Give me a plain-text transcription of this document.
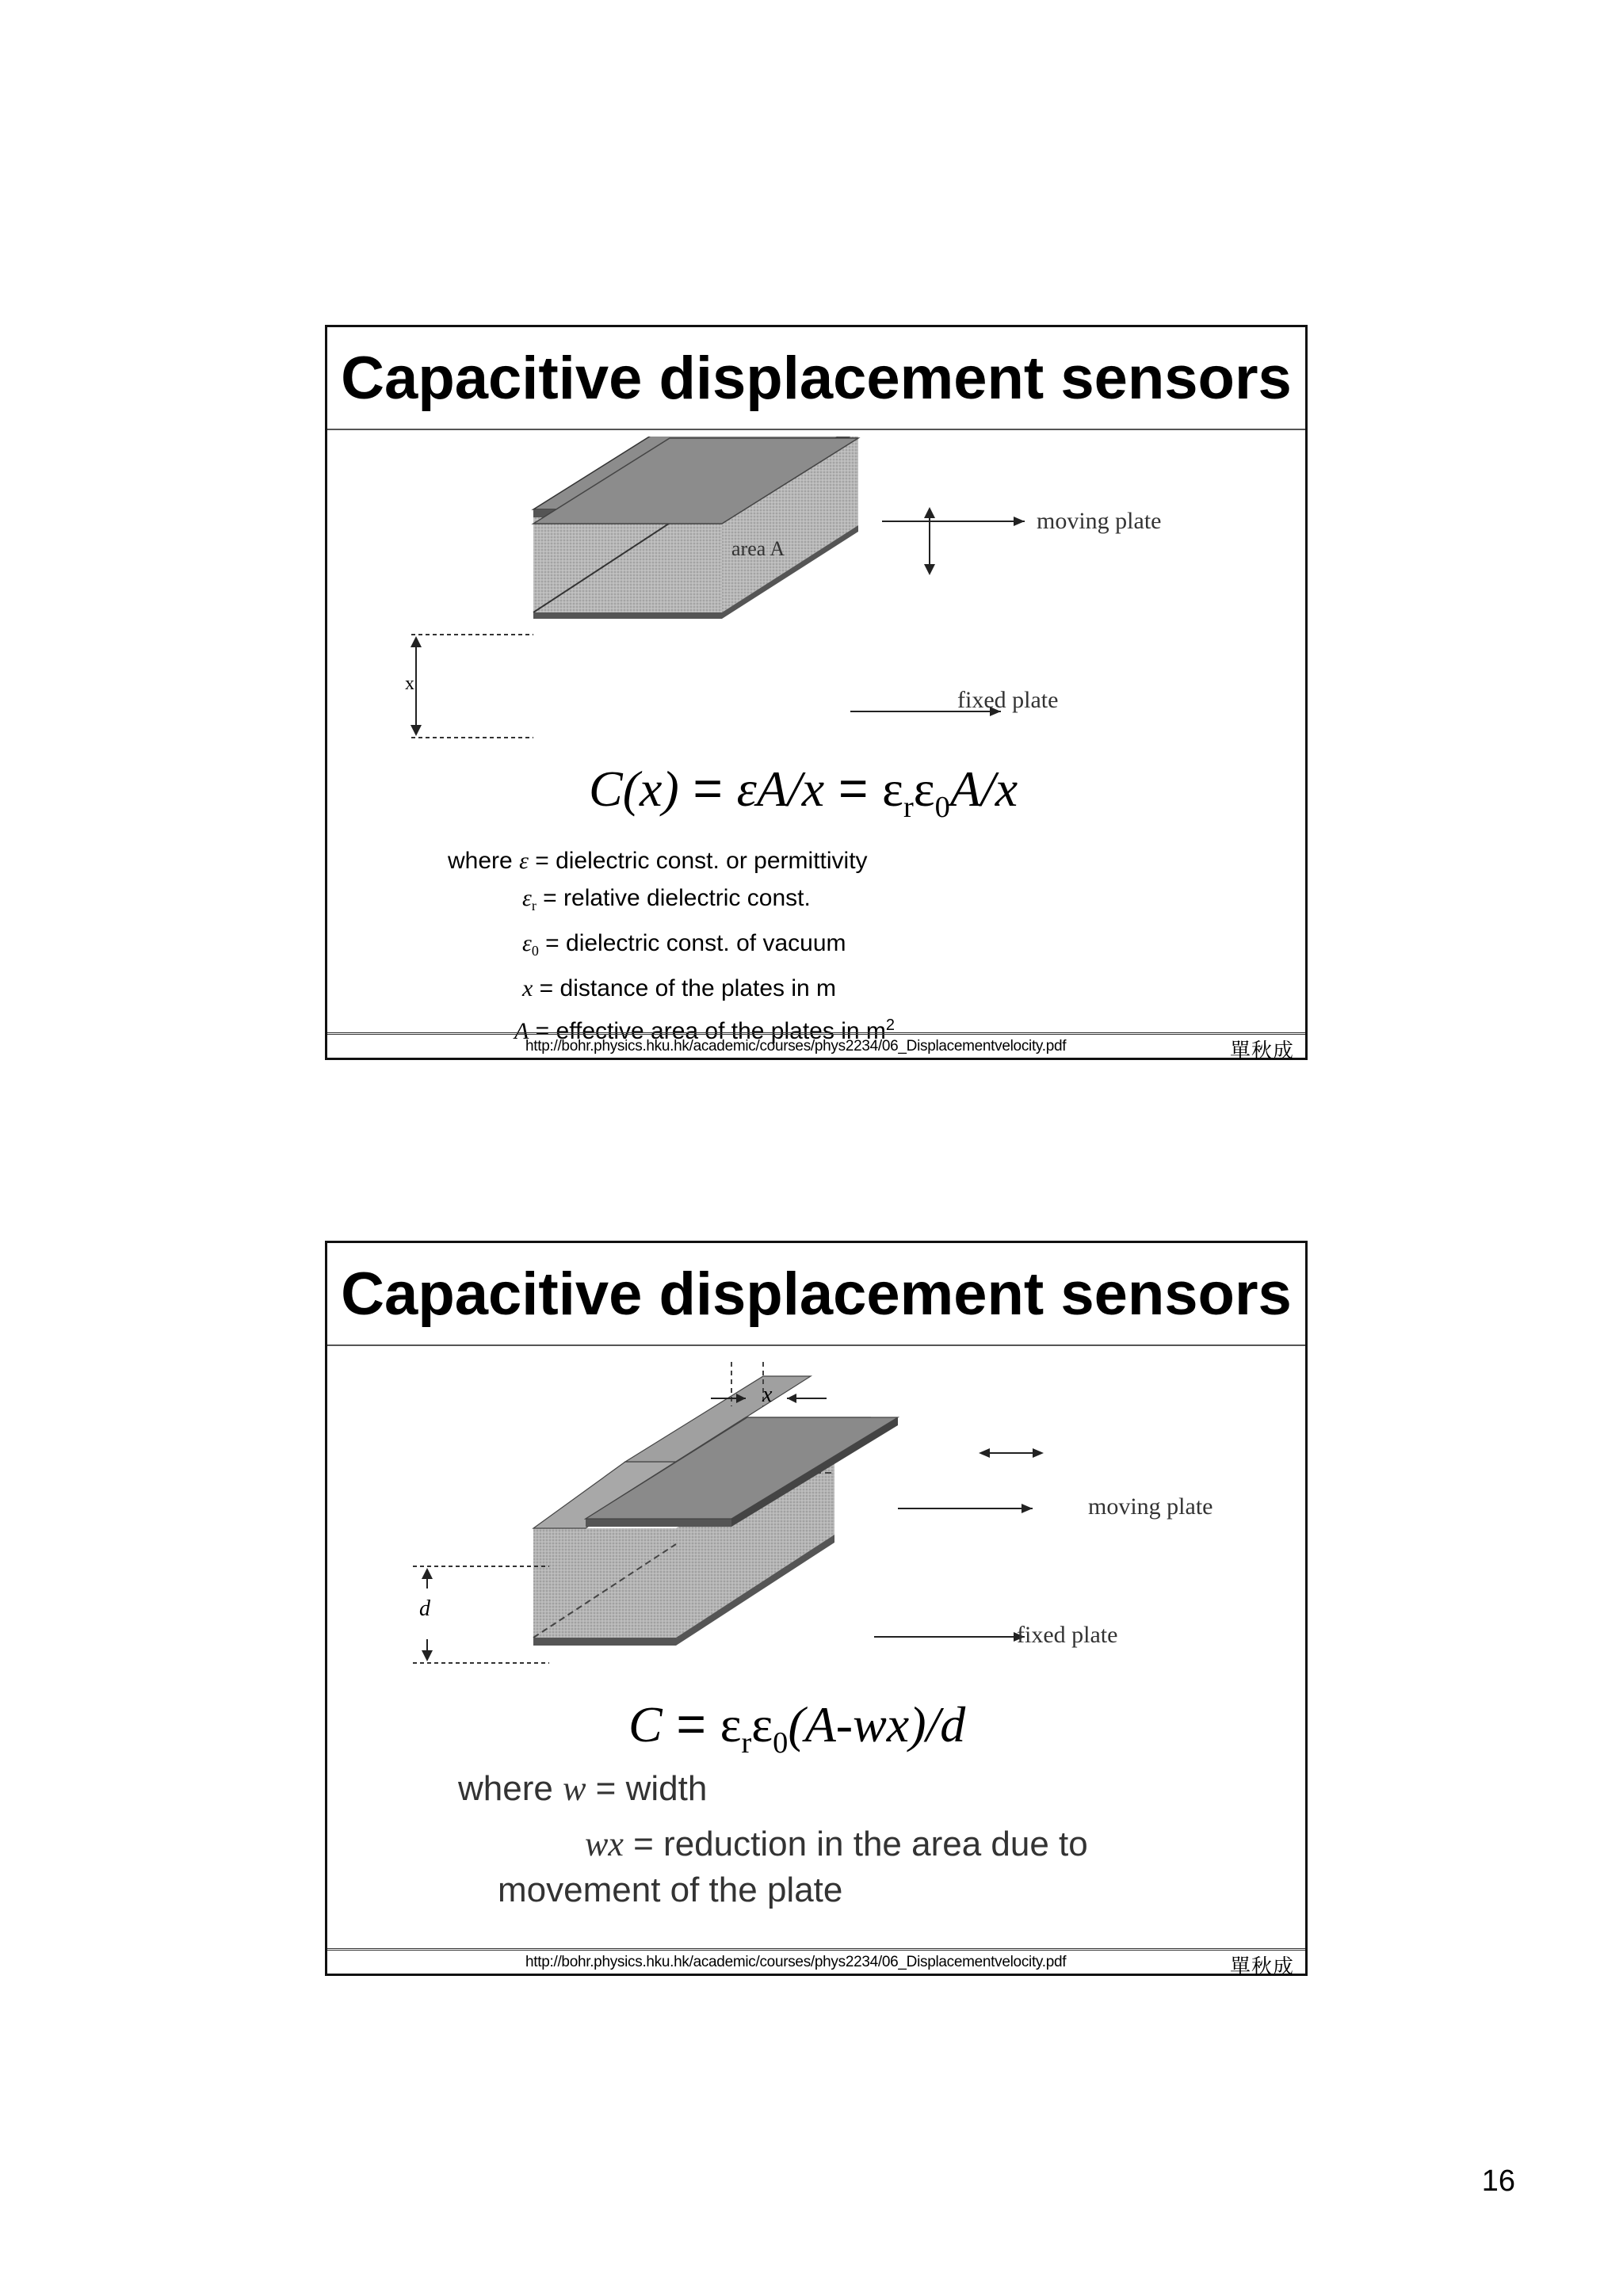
Capacitive displacement sensors
area A
moving plate
fixed plate
x
$C(x) = \varepsilon A/x = \varepsilon_r\varepsilon_0A/x$
where ε = dielectric const. or permittivity
$\varepsilon_r$ = relative dielectric const.
$\varepsilon_0$ = dielectric const. of vacuum
x = distance of the plates in m
A = effective area of the plates in $m^2$
http://bohr.physics.hku.hk/academic/courses/phys2234/06_Displacementvelocity.pdf	單秋成
Capacitive displacement sensors
x
moving plate
fixed plate
d
$C = \varepsilon_r\varepsilon_0(A-wx)/d$
where w = width
wx = reduction in the area due to
movement of the plate
http://bohr.physics.hku.hk/academic/courses/phys2234/06_Displacementvelocity.pdf	單秋成
16
